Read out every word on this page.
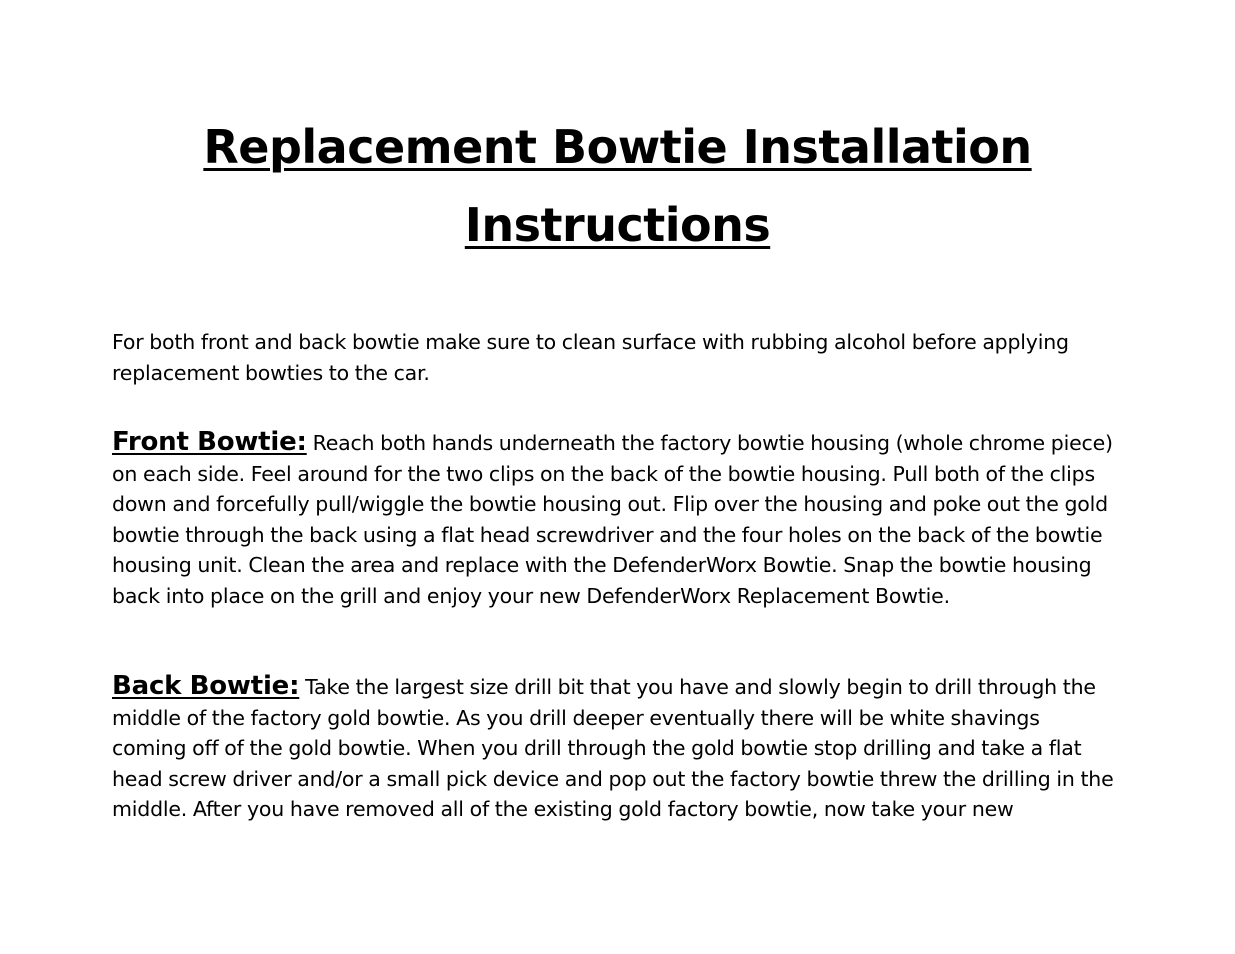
Replacement Bowtie Installation
Instructions

For both front and back bowtie make sure to clean surface with rubbing alcohol before applying replacement bowties to the car.

Front Bowtie: Reach both hands underneath the factory bowtie housing (whole chrome piece) on each side. Feel around for the two clips on the back of the bowtie housing. Pull both of the clips down and forcefully pull/wiggle the bowtie housing out. Flip over the housing and poke out the gold bowtie through the back using a flat head screwdriver and the four holes on the back of the bowtie housing unit. Clean the area and replace with the DefenderWorx Bowtie. Snap the bowtie housing back into place on the grill and enjoy your new DefenderWorx Replacement Bowtie.

Back Bowtie: Take the largest size drill bit that you have and slowly begin to drill through the middle of the factory gold bowtie. As you drill deeper eventually there will be white shavings coming off of the gold bowtie. When you drill through the gold bowtie stop drilling and take a flat head screw driver and/or a small pick device and pop out the factory bowtie threw the drilling in the middle. After you have removed all of the existing gold factory bowtie, now take your new
